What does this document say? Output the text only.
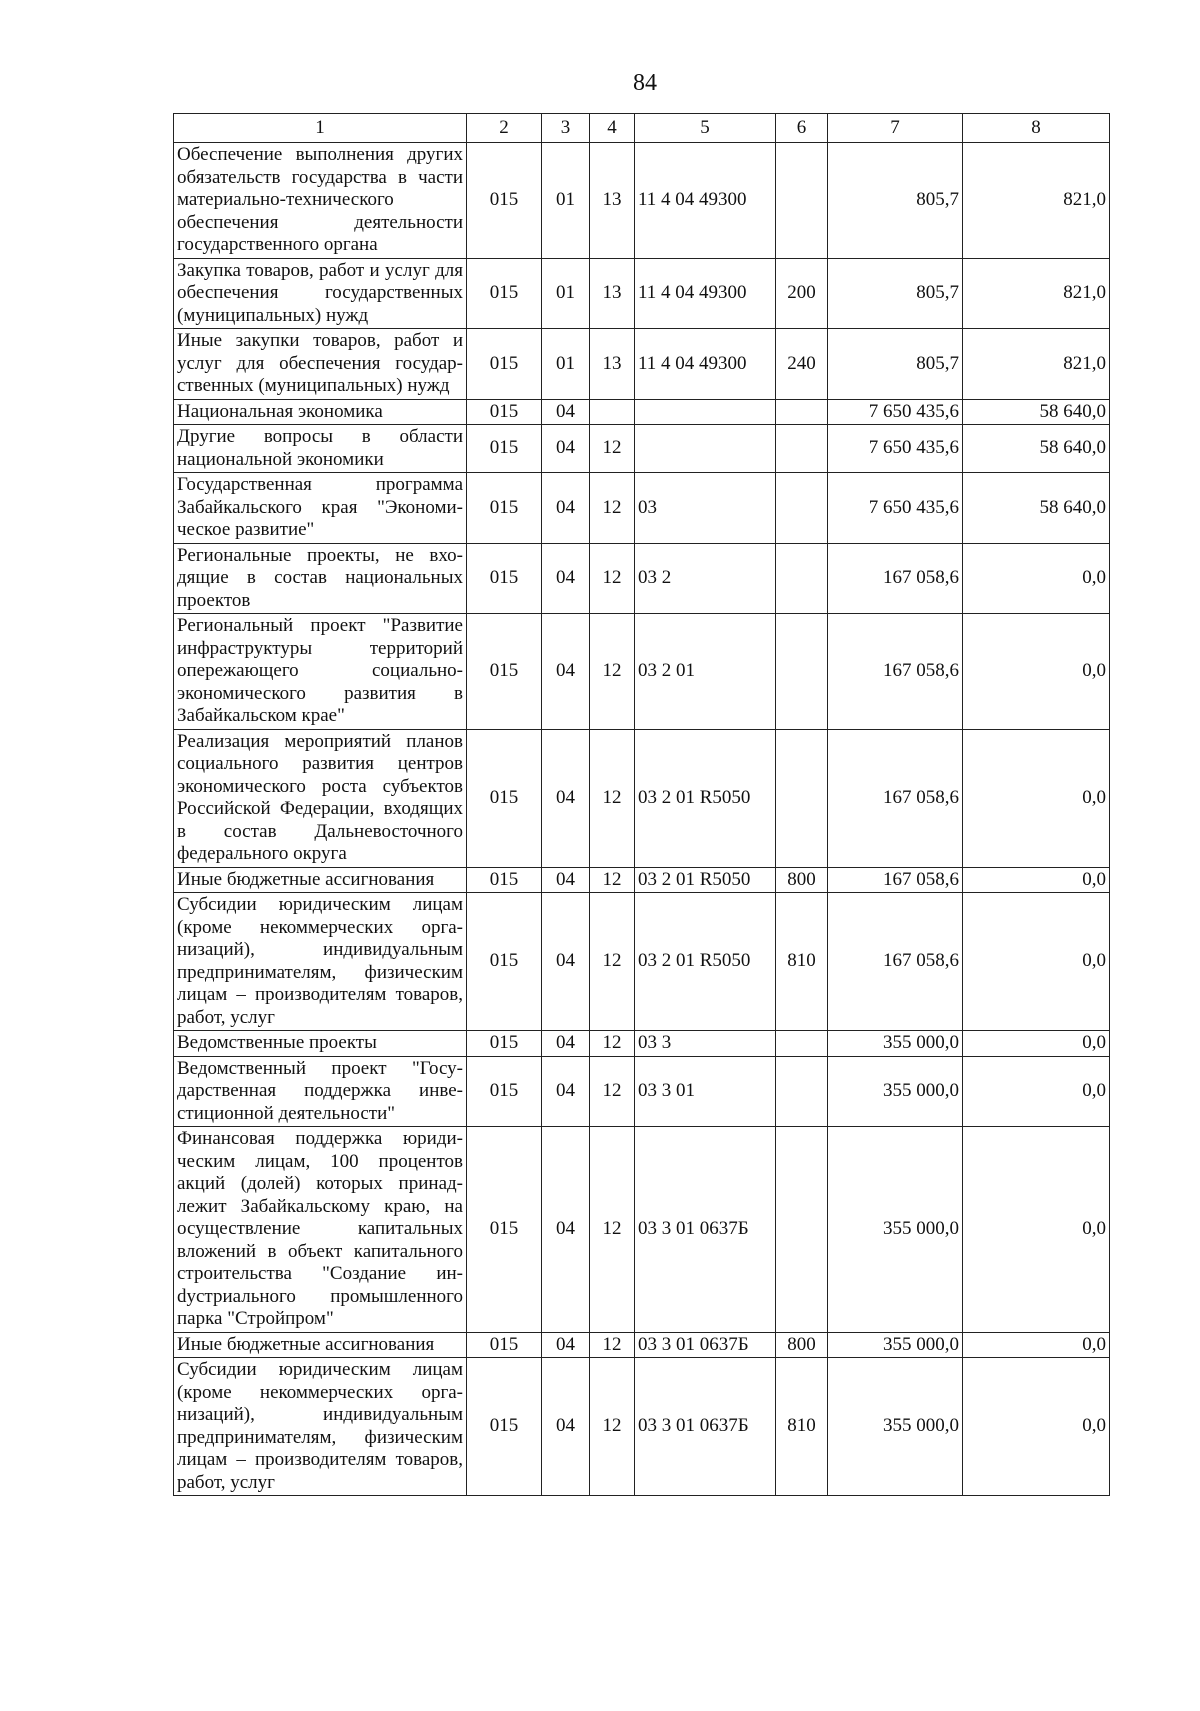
84
1	2	3	4	5	6	7	8
Обеспечение выполнения других обязательств государства в части материально-технического обеспечения деятельности государственного органа	015	01	13	11 4 04 49300		805,7	821,0
Закупка товаров, работ и услуг для обеспечения государственных (муниципальных) нужд	015	01	13	11 4 04 49300	200	805,7	821,0
Иные закупки товаров, работ и услуг для обеспечения государственных (муниципальных) нужд	015	01	13	11 4 04 49300	240	805,7	821,0
Национальная экономика	015	04				7 650 435,6	58 640,0
Другие вопросы в области национальной экономики	015	04	12			7 650 435,6	58 640,0
Государственная программа Забайкальского края "Экономическое развитие"	015	04	12	03		7 650 435,6	58 640,0
Региональные проекты, не входящие в состав национальных проектов	015	04	12	03 2		167 058,6	0,0
Региональный проект "Развитие инфраструктуры территорий опережающего социально-экономического развития в Забайкальском крае"	015	04	12	03 2 01		167 058,6	0,0
Реализация мероприятий планов социального развития центров экономического роста субъектов Российской Федерации, входящих в состав Дальневосточного федерального округа	015	04	12	03 2 01 R5050		167 058,6	0,0
Иные бюджетные ассигнования	015	04	12	03 2 01 R5050	800	167 058,6	0,0
Субсидии юридическим лицам (кроме некоммерческих организаций), индивидуальным предпринимателям, физическим лицам – производителям товаров, работ, услуг	015	04	12	03 2 01 R5050	810	167 058,6	0,0
Ведомственные проекты	015	04	12	03 3		355 000,0	0,0
Ведомственный проект "Государственная поддержка инвестиционной деятельности"	015	04	12	03 3 01		355 000,0	0,0
Финансовая поддержка юридическим лицам, 100 процентов акций (долей) которых принадлежит Забайкальскому краю, на осуществление капитальных вложений в объект капитального строительства "Создание инdустриального промышленного парка "Стройпром"	015	04	12	03 3 01 0637Б		355 000,0	0,0
Иные бюджетные ассигнования	015	04	12	03 3 01 0637Б	800	355 000,0	0,0
Субсидии юридическим лицам (кроме некоммерческих организаций), индивидуальным предпринимателям, физическим лицам – производителям товаров, работ, услуг	015	04	12	03 3 01 0637Б	810	355 000,0	0,0
